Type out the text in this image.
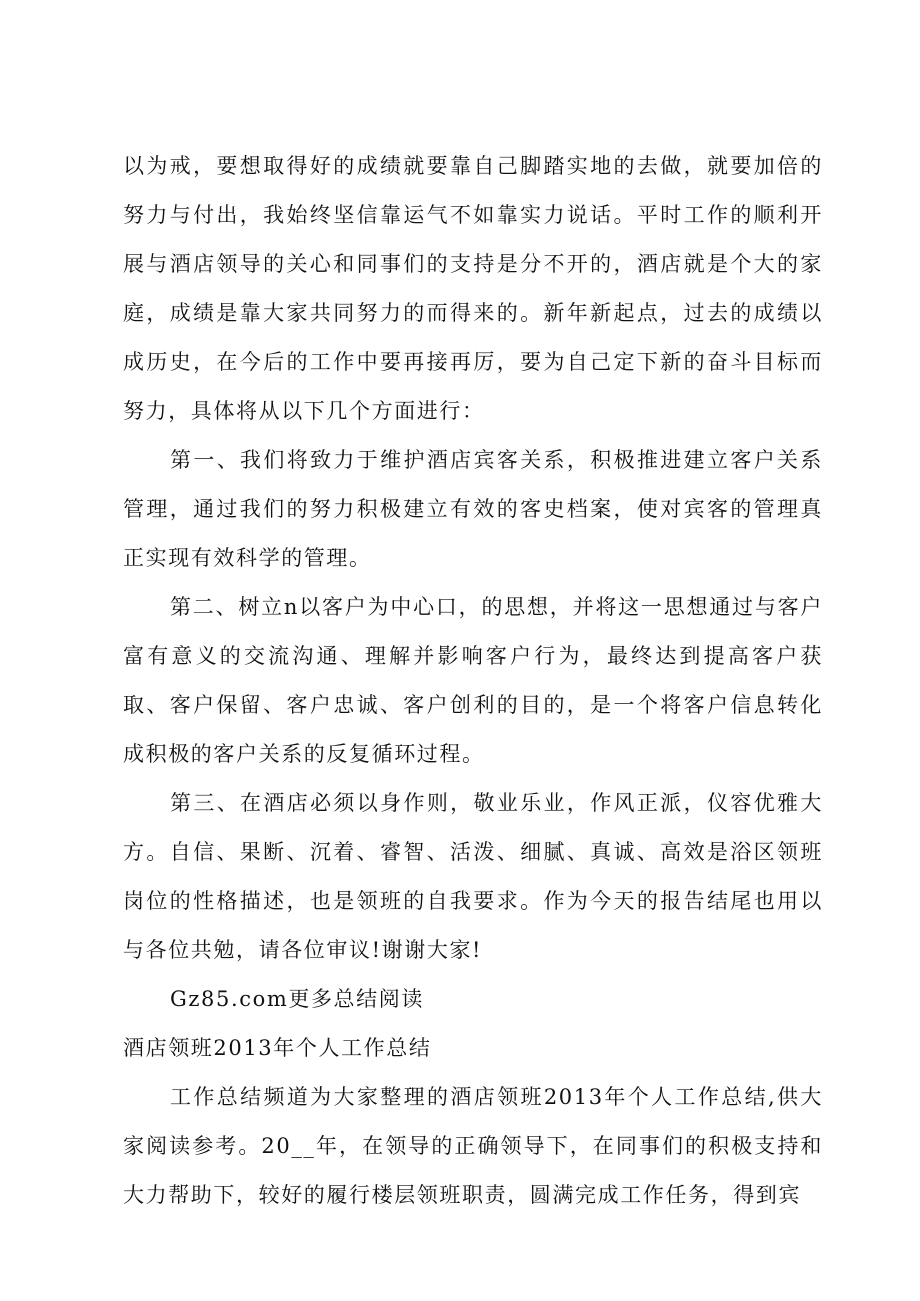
以为戒，要想取得好的成绩就要靠自己脚踏实地的去做，就要加倍的努力与付出，我始终坚信靠运气不如靠实力说话。平时工作的顺利开展与酒店领导的关心和同事们的支持是分不开的，酒店就是个大的家庭，成绩是靠大家共同努力的而得来的。新年新起点，过去的成绩以成历史，在今后的工作中要再接再厉，要为自己定下新的奋斗目标而努力，具体将从以下几个方面进行：

第一、我们将致力于维护酒店宾客关系，积极推进建立客户关系管理，通过我们的努力积极建立有效的客史档案，使对宾客的管理真正实现有效科学的管理。

第二、树立n以客户为中心口，的思想，并将这一思想通过与客户富有意义的交流沟通、理解并影响客户行为，最终达到提高客户获取、客户保留、客户忠诚、客户创利的目的，是一个将客户信息转化成积极的客户关系的反复循环过程。

第三、在酒店必须以身作则，敬业乐业，作风正派，仪容优雅大方。自信、果断、沉着、睿智、活泼、细腻、真诚、高效是浴区领班岗位的性格描述，也是领班的自我要求。作为今天的报告结尾也用以与各位共勉，请各位审议!谢谢大家!

Gz85.com更多总结阅读

酒店领班2013年个人工作总结

工作总结频道为大家整理的酒店领班2013年个人工作总结,供大家阅读参考。20__年，在领导的正确领导下，在同事们的积极支持和大力帮助下，较好的履行楼层领班职责，圆满完成工作任务，得到宾
